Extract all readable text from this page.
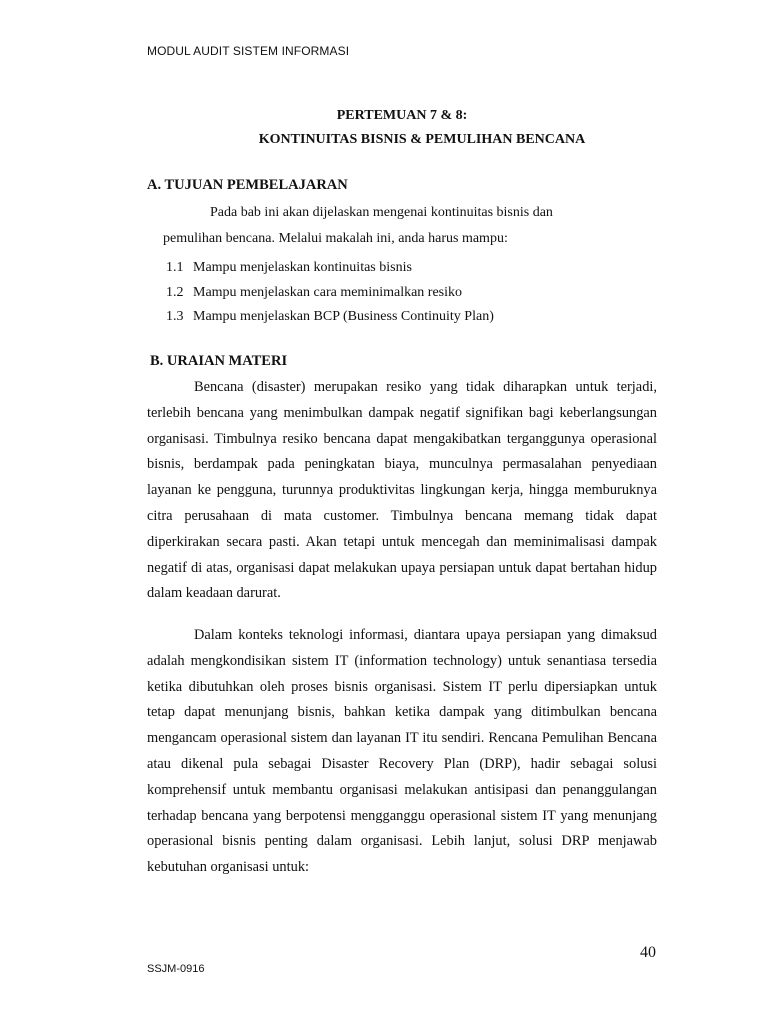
MODUL AUDIT SISTEM INFORMASI
PERTEMUAN 7 & 8:
KONTINUITAS BISNIS & PEMULIHAN BENCANA
A. TUJUAN PEMBELAJARAN
Pada bab ini akan dijelaskan mengenai kontinuitas bisnis dan
pemulihan bencana. Melalui makalah ini, anda harus mampu:
1.1 Mampu menjelaskan kontinuitas bisnis
1.2 Mampu menjelaskan cara meminimalkan resiko
1.3 Mampu menjelaskan BCP (Business Continuity Plan)
B. URAIAN MATERI

Bencana (disaster) merupakan resiko yang tidak diharapkan untuk terjadi, terlebih bencana yang menimbulkan dampak negatif signifikan bagi keberlangsungan organisasi. Timbulnya resiko bencana dapat mengakibatkan terganggunya operasional bisnis, berdampak pada peningkatan biaya, munculnya permasalahan penyediaan layanan ke pengguna, turunnya produktivitas lingkungan kerja, hingga memburuknya citra perusahaan di mata customer. Timbulnya bencana memang tidak dapat diperkirakan secara pasti. Akan tetapi untuk mencegah dan meminimalisasi dampak negatif di atas, organisasi dapat melakukan upaya persiapan untuk dapat bertahan hidup dalam keadaan darurat.

Dalam konteks teknologi informasi, diantara upaya persiapan yang dimaksud adalah mengkondisikan sistem IT (information technology) untuk senantiasa tersedia ketika dibutuhkan oleh proses bisnis organisasi. Sistem IT perlu dipersiapkan untuk tetap dapat menunjang bisnis, bahkan ketika dampak yang ditimbulkan bencana mengancam operasional sistem dan layanan IT itu sendiri. Rencana Pemulihan Bencana atau dikenal pula sebagai Disaster Recovery Plan (DRP), hadir sebagai solusi komprehensif untuk membantu organisasi melakukan antisipasi dan penanggulangan terhadap bencana yang berpotensi mengganggu operasional sistem IT yang menunjang operasional bisnis penting dalam organisasi. Lebih lanjut, solusi DRP menjawab kebutuhan organisasi untuk:

40
SSJM-0916
